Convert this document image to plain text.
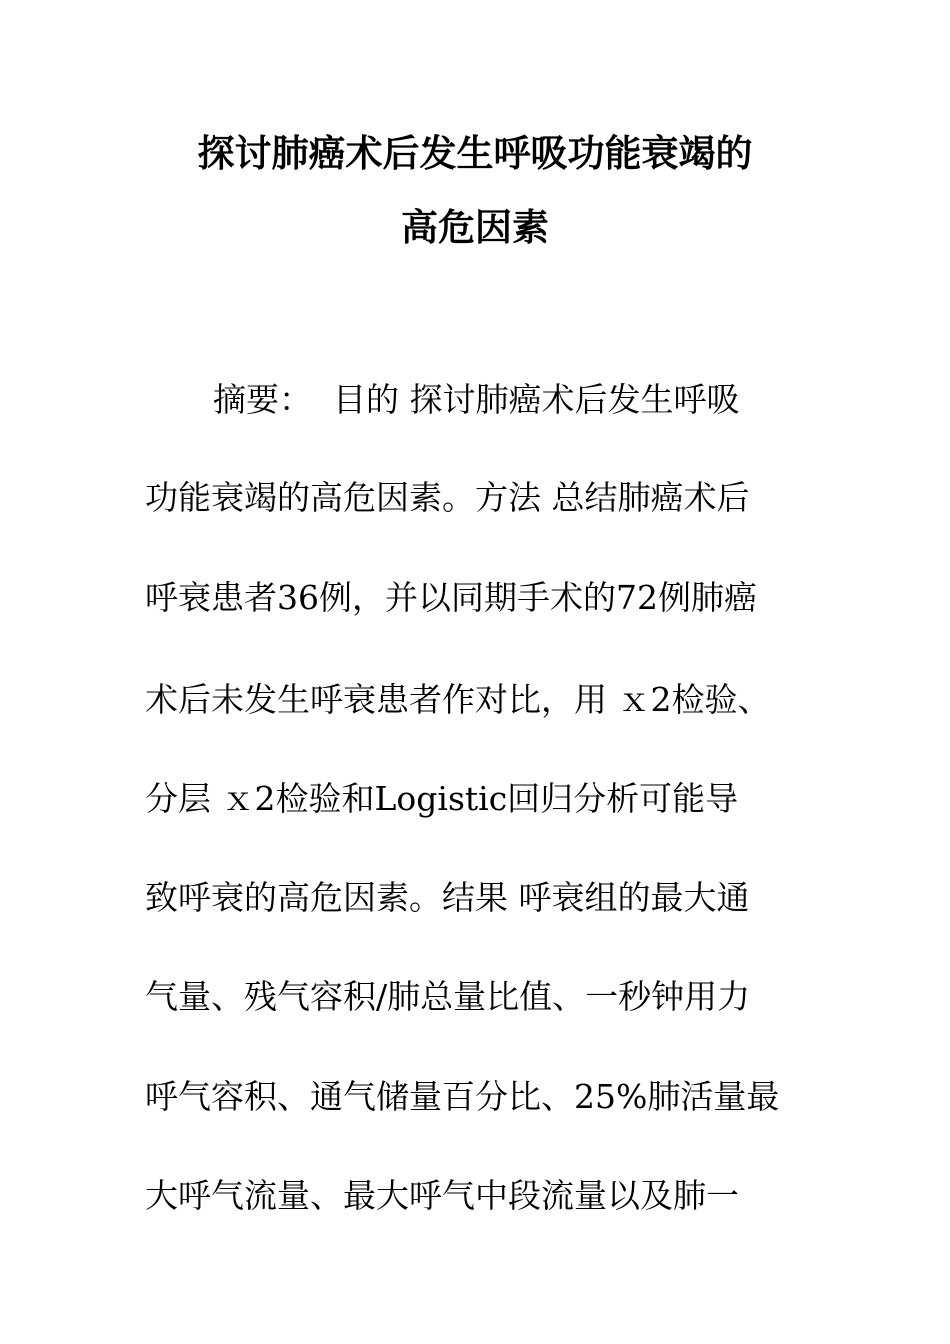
探讨肺癌术后发生呼吸功能衰竭的
高危因素
摘要：  目的 探讨肺癌术后发生呼吸
功能衰竭的高危因素。方法 总结肺癌术后
呼衰患者36例，并以同期手术的72例肺癌
术后未发生呼衰患者作对比，用 ｘ2检验、
分层 ｘ2检验和Logistic回归分析可能导
致呼衰的高危因素。结果 呼衰组的最大通
气量、残气容积/肺总量比值、一秒钟用力
呼气容积、通气储量百分比、25%肺活量最
大呼气流量、最大呼气中段流量以及肺一
